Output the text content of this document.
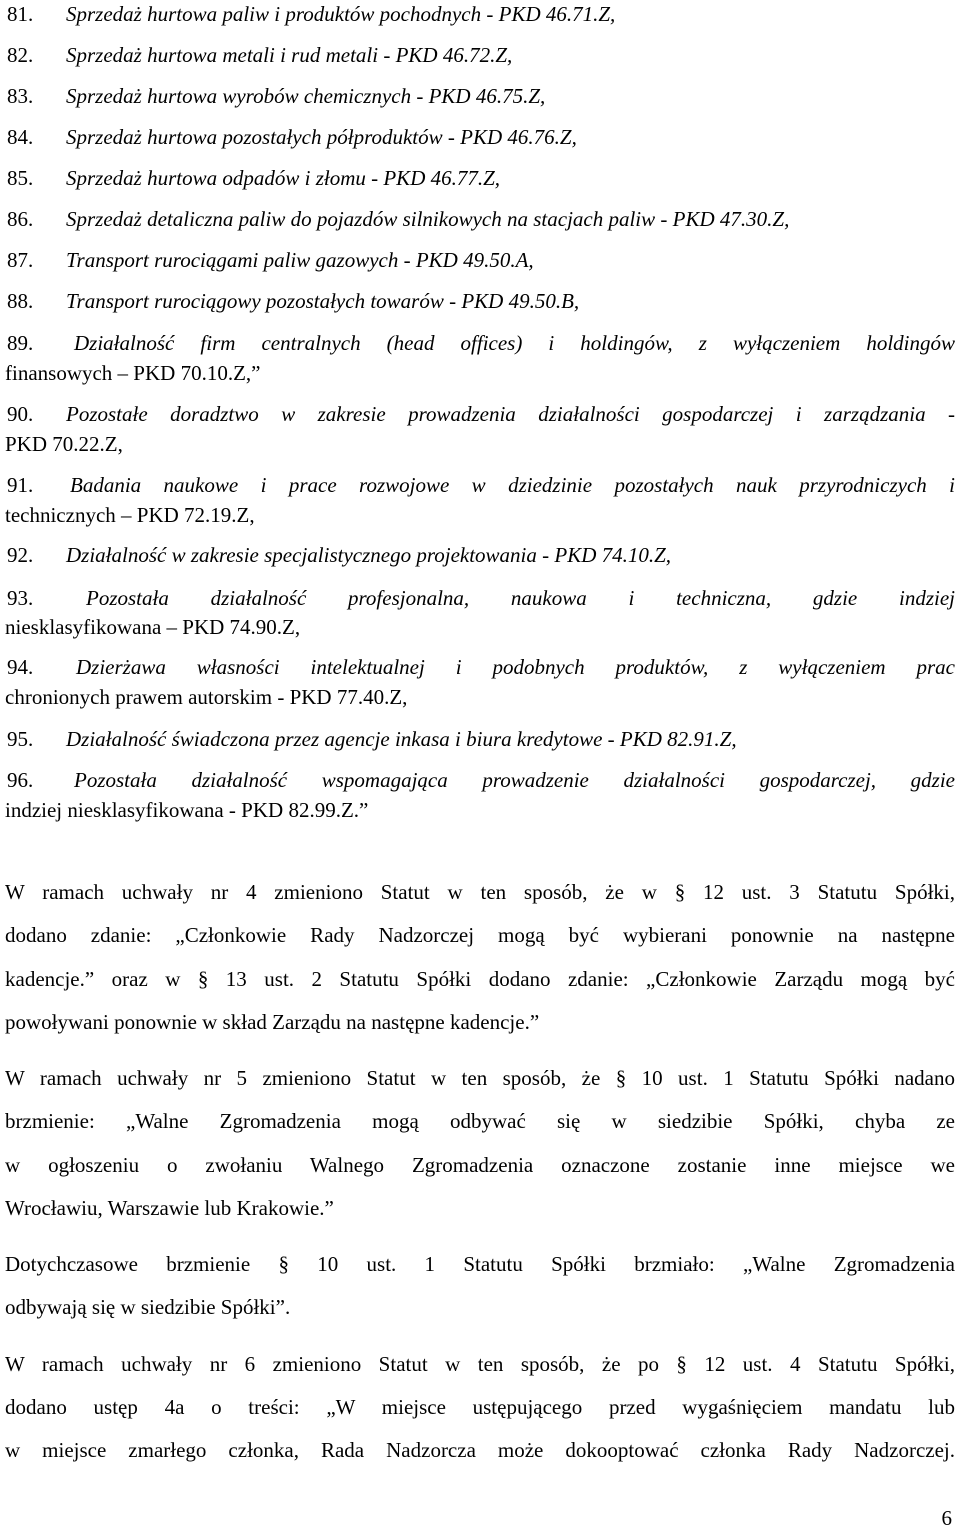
81. Sprzedaż hurtowa paliw i produktów pochodnych - PKD 46.71.Z,
82. Sprzedaż hurtowa metali i rud metali - PKD 46.72.Z,
83. Sprzedaż hurtowa wyrobów chemicznych - PKD 46.75.Z,
84. Sprzedaż hurtowa pozostałych półproduktów - PKD 46.76.Z,
85. Sprzedaż hurtowa odpadów i złomu - PKD 46.77.Z,
86. Sprzedaż detaliczna paliw do pojazdów silnikowych na stacjach paliw - PKD 47.30.Z,
87. Transport rurociągami paliw gazowych - PKD 49.50.A,
88. Transport rurociągowy pozostałych towarów - PKD 49.50.B,
89. Działalność firm centralnych (head offices) i holdingów, z wyłączeniem holdingów
finansowych – PKD 70.10.Z,”
90. Pozostałe doradztwo w zakresie prowadzenia działalności gospodarczej i zarządzania -
PKD 70.22.Z,
91. Badania naukowe i prace rozwojowe w dziedzinie pozostałych nauk przyrodniczych i
technicznych – PKD 72.19.Z,
92. Działalność w zakresie specjalistycznego projektowania - PKD 74.10.Z,
93.	Pozostała działalność profesjonalna, naukowa i techniczna, gdzie indziej
niesklasyfikowana – PKD 74.90.Z,
94. Dzierżawa własności intelektualnej i podobnych produktów, z wyłączeniem prac
chronionych prawem autorskim - PKD 77.40.Z,
95. Działalność świadczona przez agencje inkasa i biura kredytowe - PKD 82.91.Z,
96. Pozostała działalność wspomagająca prowadzenie działalności gospodarczej, gdzie
indziej niesklasyfikowana - PKD 82.99.Z.”
W ramach uchwały nr 4 zmieniono Statut w ten sposób, że w § 12 ust. 3 Statutu Spółki,
dodano zdanie: „Członkowie Rady Nadzorczej mogą być wybierani ponownie na następne
kadencje.” oraz w § 13 ust. 2 Statutu Spółki dodano zdanie: „Członkowie Zarządu mogą być
powoływani ponownie w skład Zarządu na następne kadencje.”
W ramach uchwały nr 5 zmieniono Statut w ten sposób, że § 10 ust. 1 Statutu Spółki nadano
brzmienie: „Walne Zgromadzenia mogą odbywać się w siedzibie Spółki, chyba ze
w ogłoszeniu o zwołaniu Walnego Zgromadzenia oznaczone zostanie inne miejsce we
Wrocławiu, Warszawie lub Krakowie.”
Dotychczasowe brzmienie § 10 ust. 1 Statutu Spółki brzmiało: „Walne Zgromadzenia
odbywają się w siedzibie Spółki”.
W ramach uchwały nr 6 zmieniono Statut w ten sposób, że po § 12 ust. 4 Statutu Spółki,
dodano ustęp 4a o treści: „W miejsce ustępującego przed wygaśnięciem mandatu lub
w miejsce zmarłego członka, Rada Nadzorcza może dokooptować członka Rady Nadzorczej.
6
